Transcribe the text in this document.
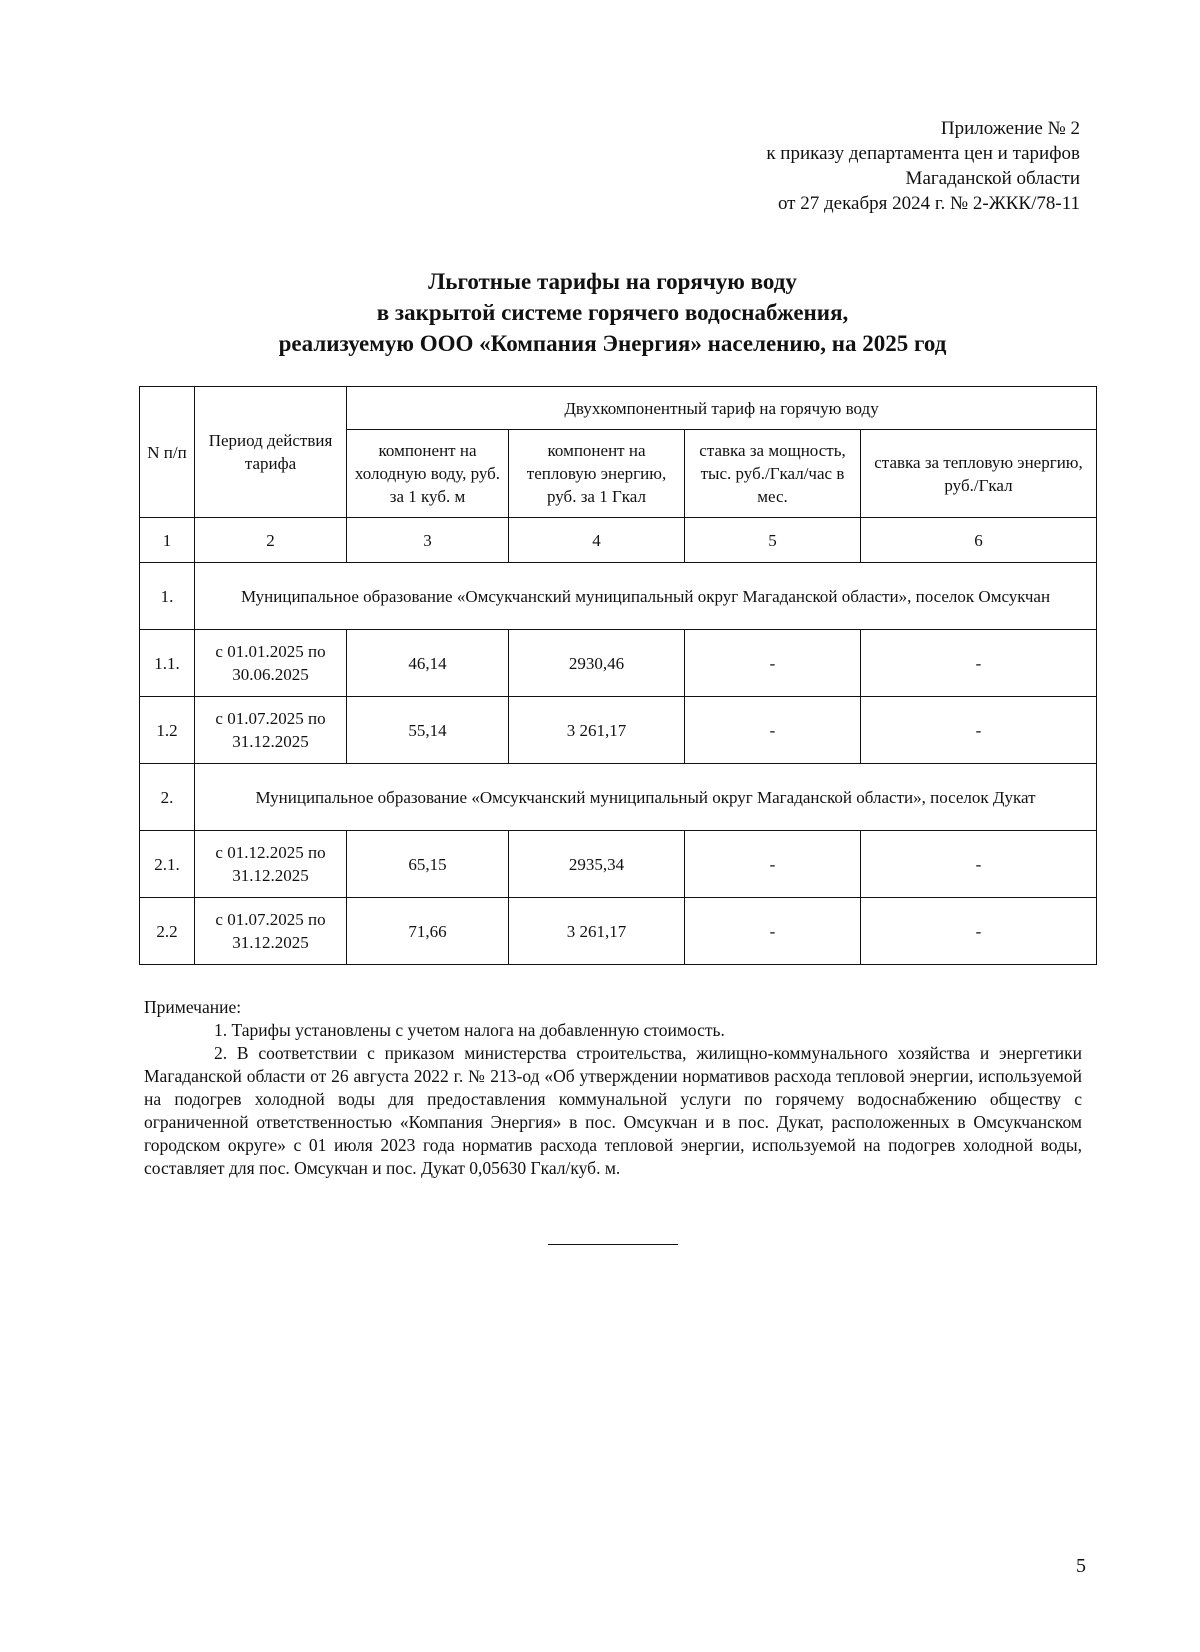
Приложение № 2
к приказу департамента цен и тарифов
Магаданской области
от 27 декабря 2024 г. № 2-ЖКК/78-11
Льготные тарифы на горячую воду
в закрытой системе горячего водоснабжения,
реализуемую ООО «Компания Энергия» населению, на 2025 год
N п/п	Период действия тарифа	Двухкомпонентный тариф на горячую воду			
		компонент на холодную воду, руб. за 1 куб. м	компонент на тепловую энергию, руб. за 1 Гкал	ставка за мощность, тыс. руб./Гкал/час в мес.	ставка за тепловую энергию, руб./Гкал
1	2	3	4	5	6
1.	Муниципальное образование «Омсукчанский муниципальный округ Магаданской области», поселок Омсукчан				
1.1.	с 01.01.2025 по 30.06.2025	46,14	2930,46	-	-
1.2	с 01.07.2025 по 31.12.2025	55,14	3 261,17	-	-
2.	Муниципальное образование «Омсукчанский муниципальный округ Магаданской области», поселок Дукат				
2.1.	с 01.12.2025 по 31.12.2025	65,15	2935,34	-	-
2.2	с 01.07.2025 по 31.12.2025	71,66	3 261,17	-	-

Примечание:

1. Тарифы установлены с учетом налога на добавленную стоимость.

2. В соответствии с приказом министерства строительства, жилищно-коммунального хозяйства и энергетики Магаданской области от 26 августа 2022 г. № 213-од «Об утверждении нормативов расхода тепловой энергии, используемой на подогрев холодной воды для предоставления коммунальной услуги по горячему водоснабжению обществу с ограниченной ответственностью «Компания Энергия» в пос. Омсукчан и в пос. Дукат, расположенных в Омсукчанском городском округе» с 01 июля 2023 года норматив расхода тепловой энергии, используемой на подогрев холодной воды, составляет для пос. Омсукчан и пос. Дукат 0,05630 Гкал/куб. м.

5
